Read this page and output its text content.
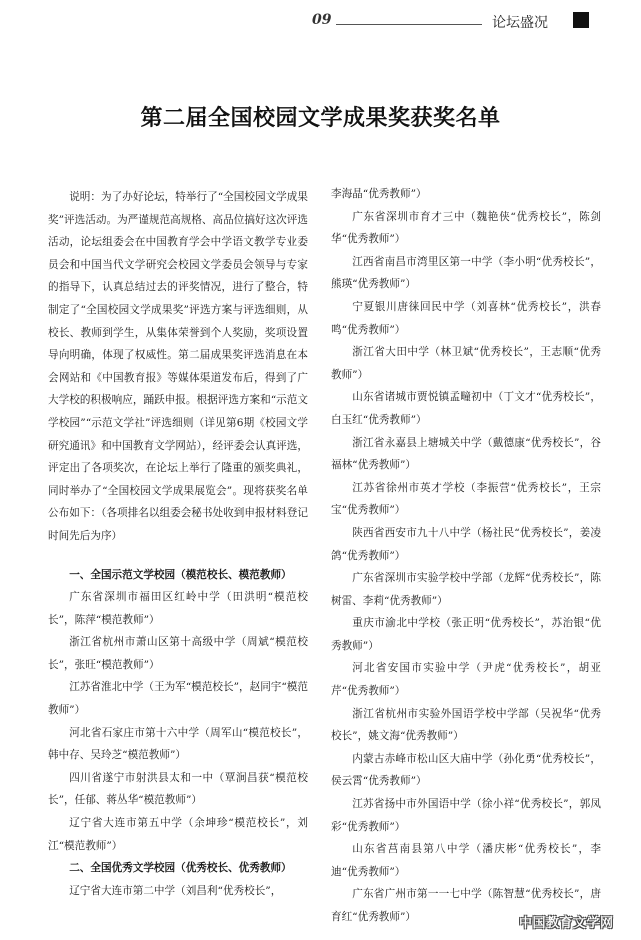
09	论坛盛况
第二届全国校园文学成果奖获奖名单

说明：为了办好论坛，特举行了“全国校园文学成果奖”评选活动。为严谨规范高规格、高品位搞好这次评选活动，论坛组委会在中国教育学会中学语文教学专业委员会和中国当代文学研究会校园文学委员会领导与专家的指导下，认真总结过去的评奖情况，进行了整合，特制定了“全国校园文学成果奖”评选方案与评选细则，从校长、教师到学生，从集体荣誉到个人奖励，奖项设置导向明确，体现了权威性。第二届成果奖评选消息在本会网站和《中国教育报》等媒体渠道发布后，得到了广大学校的积极响应，踊跃申报。根据评选方案和“示范文学校园”“示范文学社”评选细则（详见第6期《校园文学研究通讯》和中国教育文学网站），经评委会认真评选，评定出了各项奖次，在论坛上举行了隆重的颁奖典礼，同时举办了“全国校园文学成果展览会”。现将获奖名单公布如下：（各项排名以组委会秘书处收到申报材料登记时间先后为序）

一、全国示范文学校园（模范校长、模范教师）

广东省深圳市福田区红岭中学（田洪明“模范校长”，陈萍“模范教师”）

浙江省杭州市萧山区第十高级中学（周斌“模范校长”，张旺“模范教师”）

江苏省淮北中学（王为军“模范校长”，赵同宇“模范教师”）

河北省石家庄市第十六中学（周军山“模范校长”，韩中存、吴玲芝“模范教师”）

四川省遂宁市射洪县太和一中（覃涧昌获“模范校长”，任郁、蒋丛华“模范教师”）

辽宁省大连市第五中学（余坤珍“模范校长”，刘江“模范教师”）

二、全国优秀文学校园（优秀校长、优秀教师）

辽宁省大连市第二中学（刘昌利“优秀校长”，

李海晶“优秀教师”）

广东省深圳市育才三中（魏艳侠“优秀校长”，陈剑华“优秀教师”）

江西省南昌市湾里区第一中学（李小明“优秀校长”，熊瑛“优秀教师”）

宁夏银川唐徕回民中学（刘喜林“优秀校长”，洪春鸣“优秀教师”）

浙江省大田中学（林卫斌“优秀校长”，王志顺“优秀教师”）

山东省诸城市贾悦镇孟疃初中（丁文才“优秀校长”，白玉红“优秀教师”）

浙江省永嘉县上塘城关中学（戴德康“优秀校长”，谷福林“优秀教师”）

江苏省徐州市英才学校（李振营“优秀校长”，王宗宝“优秀教师”）

陕西省西安市九十八中学（杨社民“优秀校长”，姜凌鸽“优秀教师”）

广东省深圳市实验学校中学部（龙辉“优秀校长”，陈树雷、李莉“优秀教师”）

重庆市渝北中学校（张正明“优秀校长”，苏治银“优秀教师”）

河北省安国市实验中学（尹虎“优秀校长”，胡亚芹“优秀教师”）

浙江省杭州市实验外国语学校中学部（吴祝华“优秀校长”，姚文海“优秀教师”）

内蒙古赤峰市松山区大庙中学（孙化勇“优秀校长”，侯云霄“优秀教师”）

江苏省扬中市外国语中学（徐小祥“优秀校长”，郭凤彩“优秀教师”）

山东省莒南县第八中学（潘庆彬“优秀校长”，李迪“优秀教师”）

广东省广州市第一一七中学（陈智慧“优秀校长”，唐育红“优秀教师”）	中国教育文学网
